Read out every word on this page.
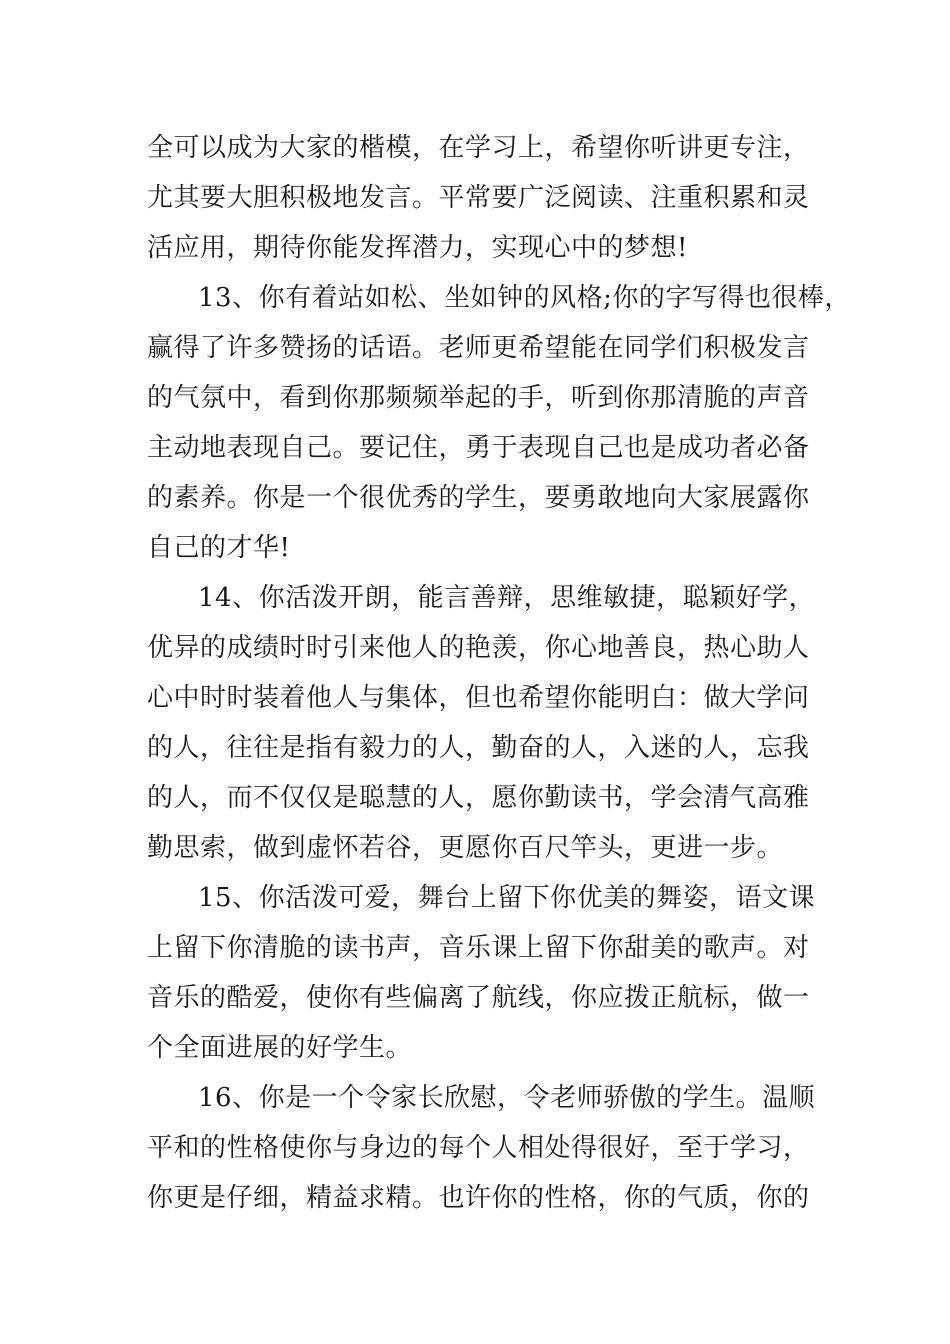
全可以成为大家的楷模，在学习上，希望你听讲更专注，
尤其要大胆积极地发言。平常要广泛阅读、注重积累和灵
活应用，期待你能发挥潜力，实现心中的梦想!
13、你有着站如松、坐如钟的风格;你的字写得也很棒，
赢得了许多赞扬的话语。老师更希望能在同学们积极发言
的气氛中，看到你那频频举起的手，听到你那清脆的声音
主动地表现自己。要记住，勇于表现自己也是成功者必备
的素养。你是一个很优秀的学生，要勇敢地向大家展露你
自己的才华!
14、你活泼开朗，能言善辩，思维敏捷，聪颖好学，
优异的成绩时时引来他人的艳羡，你心地善良，热心助人
心中时时装着他人与集体，但也希望你能明白：做大学问
的人，往往是指有毅力的人，勤奋的人，入迷的人，忘我
的人，而不仅仅是聪慧的人，愿你勤读书，学会清气高雅
勤思索，做到虚怀若谷，更愿你百尺竿头，更进一步。
15、你活泼可爱，舞台上留下你优美的舞姿，语文课
上留下你清脆的读书声，音乐课上留下你甜美的歌声。对
音乐的酷爱，使你有些偏离了航线，你应拨正航标，做一
个全面进展的好学生。
16、你是一个令家长欣慰，令老师骄傲的学生。温顺
平和的性格使你与身边的每个人相处得很好，至于学习，
你更是仔细，精益求精。也许你的性格，你的气质，你的
